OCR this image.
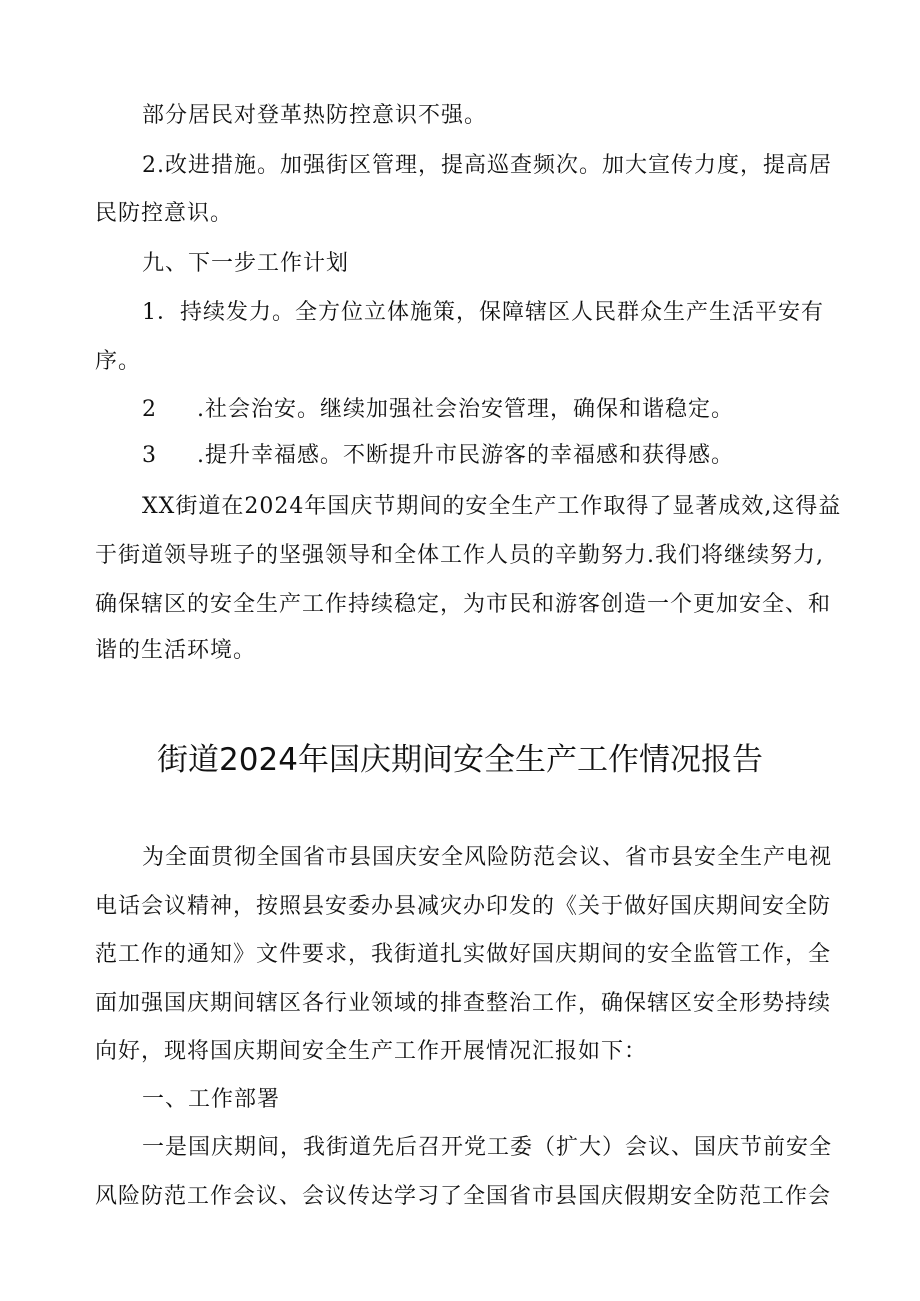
部分居民对登革热防控意识不强。
2.改进措施。加强街区管理，提高巡查频次。加大宣传力度，提高居
民防控意识。
九、下一步工作计划
1．持续发力。全方位立体施策，保障辖区人民群众生产生活平安有
序。
2 .社会治安。继续加强社会治安管理，确保和谐稳定。
3 .提升幸福感。不断提升市民游客的幸福感和获得感。
XX街道在2024年国庆节期间的安全生产工作取得了显著成效,这得益
于街道领导班子的坚强领导和全体工作人员的辛勤努力.我们将继续努力,
确保辖区的安全生产工作持续稳定，为市民和游客创造一个更加安全、和
谐的生活环境。
街道2024年国庆期间安全生产工作情况报告
为全面贯彻全国省市县国庆安全风险防范会议、省市县安全生产电视
电话会议精神，按照县安委办县减灾办印发的《关于做好国庆期间安全防
范工作的通知》文件要求，我街道扎实做好国庆期间的安全监管工作，全
面加强国庆期间辖区各行业领域的排查整治工作，确保辖区安全形势持续
向好，现将国庆期间安全生产工作开展情况汇报如下：
一、工作部署
一是国庆期间，我街道先后召开党工委（扩大）会议、国庆节前安全
风险防范工作会议、会议传达学习了全国省市县国庆假期安全防范工作会
